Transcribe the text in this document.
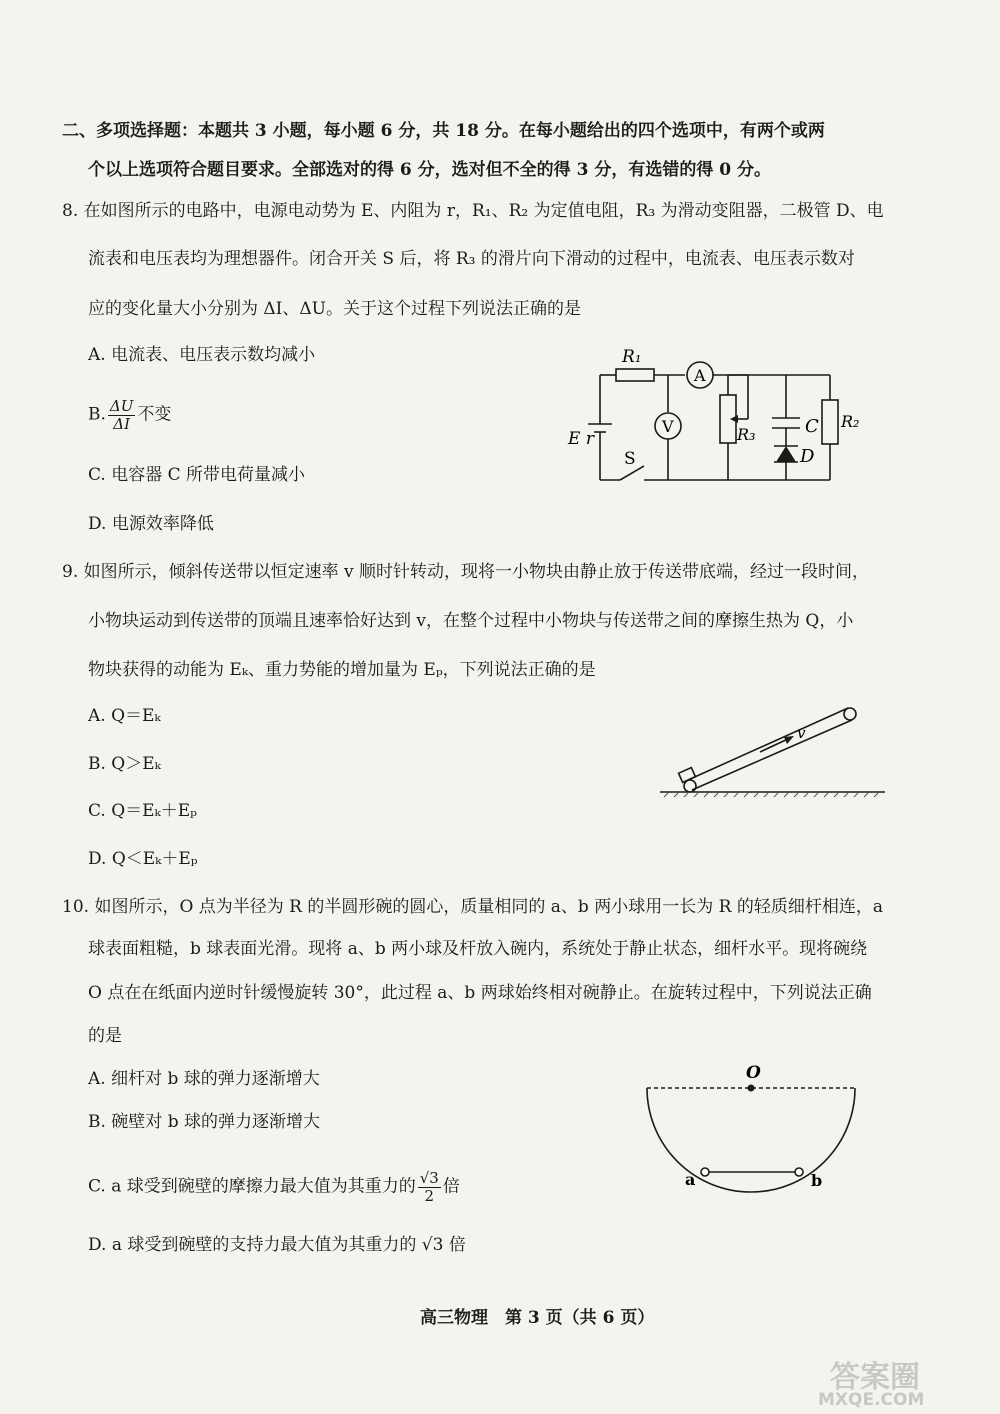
二、多项选择题：本题共 3 小题，每小题 6 分，共 18 分。在每小题给出的四个选项中，有两个或两
个以上选项符合题目要求。全部选对的得 6 分，选对但不全的得 3 分，有选错的得 0 分。
8. 在如图所示的电路中，电源电动势为 E、内阻为 r，R₁、R₂ 为定值电阻，R₃ 为滑动变阻器，二极管 D、电
流表和电压表均为理想器件。闭合开关 S 后，将 R₃ 的滑片向下滑动的过程中，电流表、电压表示数对
应的变化量大小分别为 ΔI、ΔU。关于这个过程下列说法正确的是
A. 电流表、电压表示数均减小
B. $\frac{\Delta U}{\Delta I}$ 不变
C. 电容器 C 所带电荷量减小
D. 电源效率降低
R₁
A
V	R₃	C R₂
D
E r
S
9. 如图所示，倾斜传送带以恒定速率 v 顺时针转动，现将一小物块由静止放于传送带底端，经过一段时间，
小物块运动到传送带的顶端且速率恰好达到 v，在整个过程中小物块与传送带之间的摩擦生热为 Q，小
物块获得的动能为 Eₖ、重力势能的增加量为 Eₚ，下列说法正确的是
A. Q＝Eₖ
B. Q＞Eₖ
C. Q＝Eₖ＋Eₚ
D. Q＜Eₖ＋Eₚ
v
10. 如图所示，O 点为半径为 R 的半圆形碗的圆心，质量相同的 a、b 两小球用一长为 R 的轻质细杆相连，a
球表面粗糙，b 球表面光滑。现将 a、b 两小球及杆放入碗内，系统处于静止状态，细杆水平。现将碗绕
O 点在在纸面内逆时针缓慢旋转 30°，此过程 a、b 两球始终相对碗静止。在旋转过程中，下列说法正确
的是
A. 细杆对 b 球的弹力逐渐增大
B. 碗壁对 b 球的弹力逐渐增大
C. a 球受到碗壁的摩擦力最大值为其重力的 $\frac{√3}{2}$ 倍
D. a 球受到碗壁的支持力最大值为其重力的 √3 倍
O
a	b
高三物理　第 3 页（共 6 页）
答案圈
MXQE.COM
